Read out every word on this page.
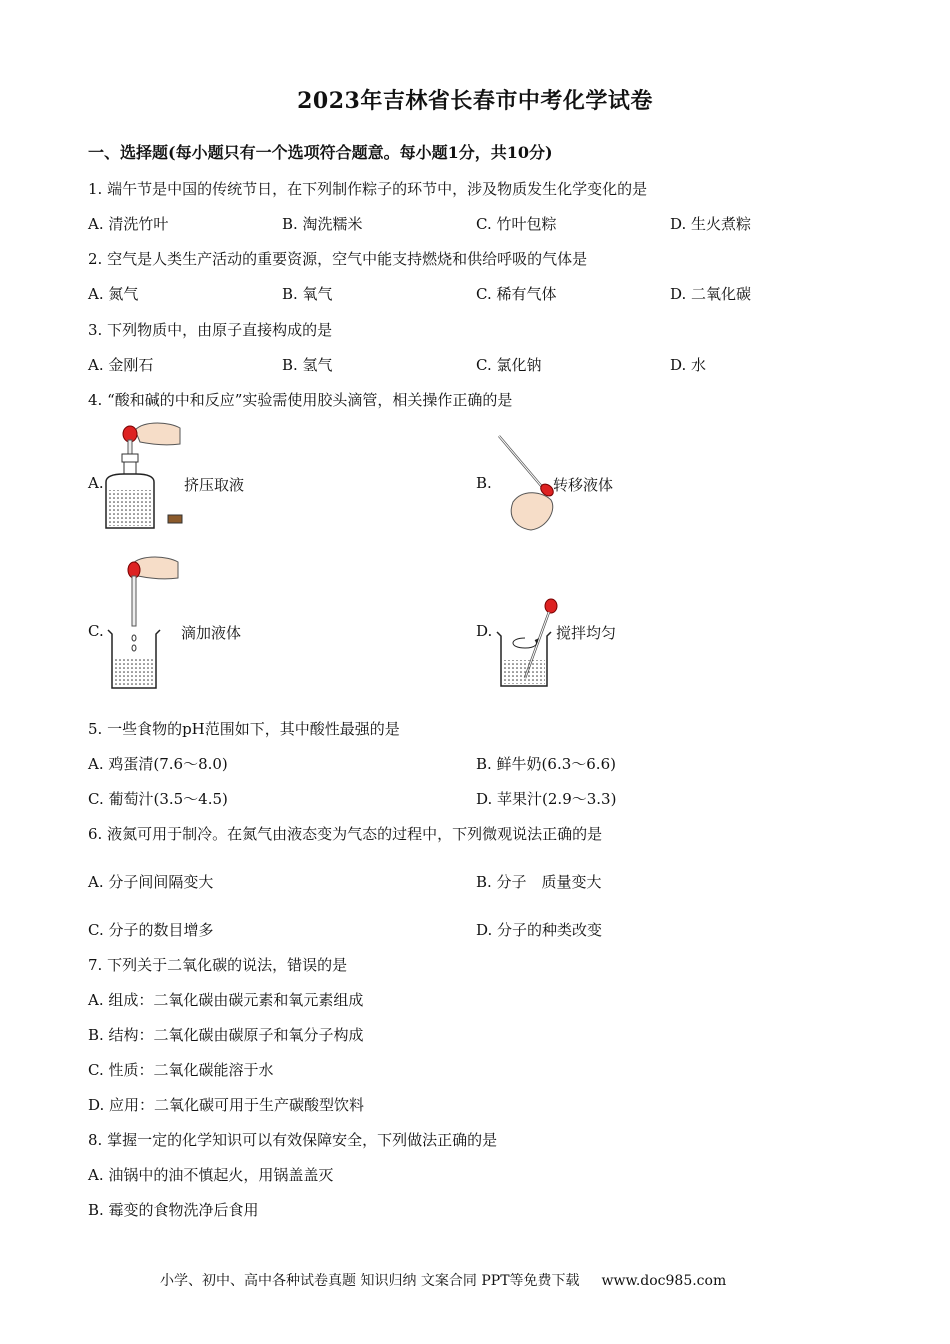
2023年吉林省长春市中考化学试卷
一、选择题(每小题只有一个选项符合题意。每小题1分，共10分)
1. 端午节是中国的传统节日，在下列制作粽子的环节中，涉及物质发生化学变化的是
A. 清洗竹叶	B. 淘洗糯米	C. 竹叶包粽	D. 生火煮粽
2. 空气是人类生产活动的重要资源，空气中能支持燃烧和供给呼吸的气体是
A. 氮气	B. 氧气	C. 稀有气体	D. 二氧化碳
3. 下列物质中，由原子直接构成的是
A. 金刚石	B. 氢气	C. 氯化钠	D. 水
4. “酸和碱的中和反应”实验需使用胶头滴管，相关操作正确的是
A.	挤压取液	B.	转移液体
C.	滴加液体	D.	搅拌均匀
5. 一些食物的pH范围如下，其中酸性最强的是
A. 鸡蛋清(7.6～8.0)	B. 鲜牛奶(6.3～6.6)
C. 葡萄汁(3.5～4.5)	D. 苹果汁(2.9～3.3)
6. 液氮可用于制冷。在氮气由液态变为气态的过程中，下列微观说法正确的是
A. 分子间间隔变大	B. 分子　质量变大
C. 分子的数目增多	D. 分子的种类改变
7. 下列关于二氧化碳的说法，错误的是
A. 组成：二氧化碳由碳元素和氧元素组成
B. 结构：二氧化碳由碳原子和氧分子构成
C. 性质：二氧化碳能溶于水
D. 应用：二氧化碳可用于生产碳酸型饮料
8. 掌握一定的化学知识可以有效保障安全，下列做法正确的是
A. 油锅中的油不慎起火，用锅盖盖灭
B. 霉变的食物洗净后食用
小学、初中、高中各种试卷真题 知识归纳 文案合同 PPT等免费下载 www.doc985.com
